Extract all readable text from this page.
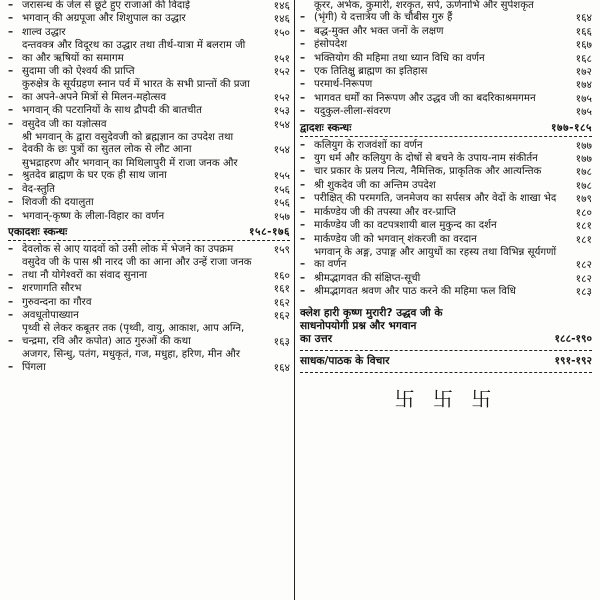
– जरासन्ध के जेल से छूटे हुए राजाओं की विदाई	१४६
– भगवान् की अग्रपूजा और शिशुपाल का उद्धार	१४६
– शाल्व उद्धार	१५०
–
दन्तवक्त्र और विदूरथ का उद्धार तथा तीर्थ-यात्रा में बलराम जी का और ऋषियों का समागम	१५१
– सुदामा जी को ऐश्वर्य की प्राप्ति	१५२
–
कुरुक्षेत्र के सूर्यग्रहण स्नान पर्व में भारत के सभी प्रान्तों की प्रजा का अपने-अपने मित्रों से मिलन-महोत्सव	१५२
– भगवान् की पटरानियों के साथ द्रौपदी की बातचीत	१५३
– वसुदेव जी का यज्ञोत्सव	१५४
–
श्री भगवान् के द्वारा वसुदेवजी को ब्रह्मज्ञान का उपदेश तथा देवकी के छः पुत्रों का सुतल लोक से लौट आना	१५४
–
सुभद्राहरण और भगवान् का मिथिलापुरी में राजा जनक और श्रुतदेव ब्राह्मण के घर एक ही साथ जाना	१५५
– वेद-स्तुति	१५६
– शिवजी की दयालुता	१५६
– भगवान्-कृष्ण के लीला-विहार का वर्णन	१५७
एकादशः स्कन्धः	१५८-१७६
– देवलोक से आए यादवों को उसी लोक में भेजने का उपक्रम	१५९
–
वसुदेव जी के पास श्री नारद जी का आना और उन्हें राजा जनक तथा नौ योगेश्वरों का संवाद सुनाना	१६०
– शरणागति सौरभ	१६१
– गुरुवन्दना का गौरव	१६२
– अवधूतोपाख्यान	१६२
–
पृथ्वी से लेकर कबूतर तक (पृथ्वी, वायु, आकाश, आप अग्नि, चन्द्रमा, रवि और कपोत) आठ गुरुओं की कथा	१६३
–
अजगर, सिन्धु, पतंग, मधुकृतं, गज, मधुहा, हरिण, मीन और पिंगला	१६४
–
कूरर, अर्भक, कुमारी, शरकृत, सर्प, ऊर्णनाभि और सुपेशकृत (भृंगी) ये दत्तात्रेय जी के चौबीस गुरु हैं	१६४
– बद्ध-मुक्त और भक्त जनों के लक्षण	१६६
– हंसोपदेश	१६७
– भक्तियोग की महिमा तथा ध्यान विधि का वर्णन	१६८
– एक तितिक्षु ब्राह्मण का इतिहास	१७२
– परमार्थ-निरूपण	१७४
– भागवत धर्मों का निरूपण और उद्धव जी का बदरिकाश्रमगमन	१७५
– यदुकुल-लीला-संवरण	१७५
द्वादशः स्कन्धः	१७७-१८५
– कलियुग के राजवंशों का वर्णन	१७७
– युग धर्म और कलियुग के दोषों से बचने के उपाय-नाम संकीर्तन	१७७
– चार प्रकार के प्रलय नित्य, नैमित्तिक, प्राकृतिक और आत्यन्तिक	१७८
– श्री शुकदेव जी का अन्तिम उपदेश	१७८
– परीक्षित् की परमगति, जनमेजय का सर्पसत्र और वेदों के शाखा भेद	१७९
– मार्कण्डेय जी की तपस्या और वर-प्राप्ति	१८०
– मार्कण्डेय जी का वटपत्रशायी बाल मुकुन्द का दर्शन	१८१
– मार्कण्डेय जी को भगवान् शंकरजी का वरदान	१८१
–
भगवान् के अङ्ग, उपाङ्ग और आयुधों का रहस्य तथा विभिन्न सूर्यगणों का वर्णन	१८२
– श्रीमद्भागवत की संक्षिप्त-सूची	१८२
– श्रीमद्भागवत श्रवण और पाठ करने की महिमा फल विधि	१८३
क्लेश हारी कृष्ण मुरारी? उद्धव जी के
साधनोपयोगी प्रश्न और भगवान
का उत्तर	१८८-१९०
साधक/पाठक के विचार	१९१-१९२
卐 卐 卐
